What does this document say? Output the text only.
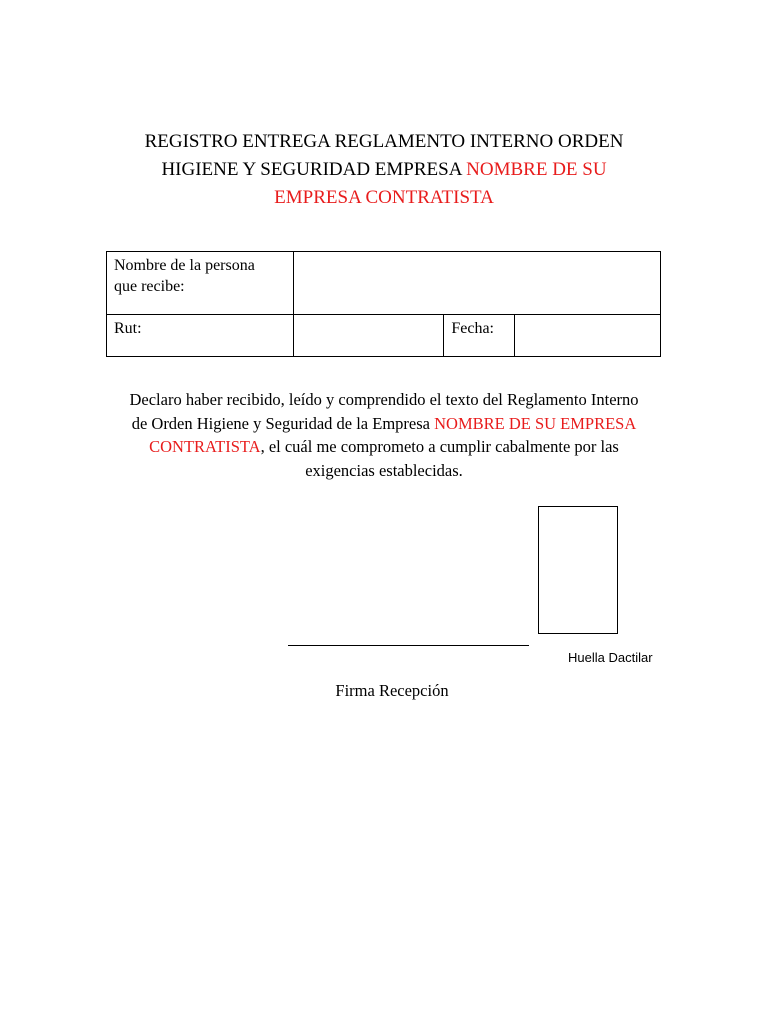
REGISTRO ENTREGA REGLAMENTO INTERNO ORDEN
HIGIENE Y SEGURIDAD EMPRESA NOMBRE DE SU
EMPRESA CONTRATISTA
Nombre de la persona
que recibe:			

Rut:		Fecha:	
Declaro haber recibido, leído y comprendido el texto del Reglamento Interno
de Orden Higiene y Seguridad de la Empresa NOMBRE DE SU EMPRESA
CONTRATISTA, el cuál me comprometo a cumplir cabalmente por las
exigencias establecidas.
Huella Dactilar
Firma Recepción
